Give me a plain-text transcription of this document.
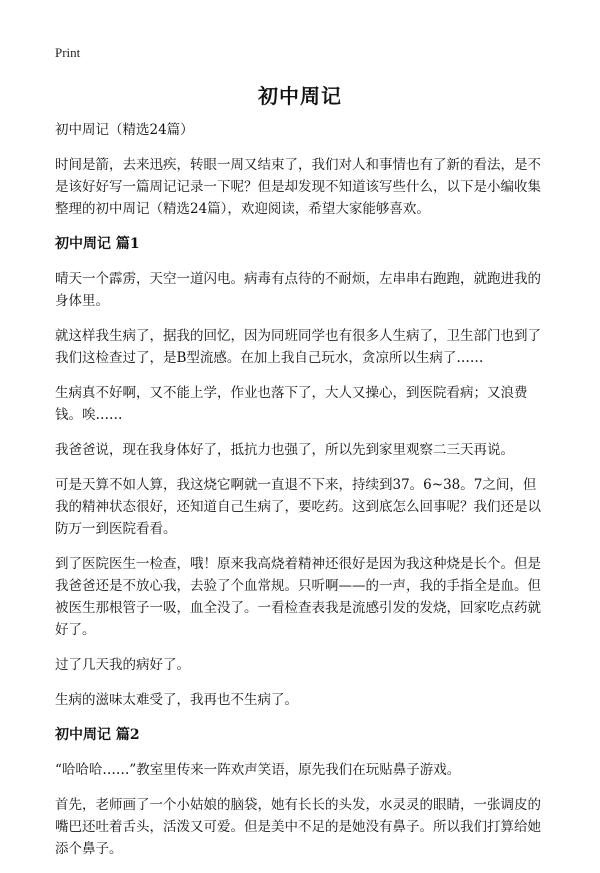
Print
初中周记
初中周记（精选24篇）

时间是箭，去来迅疾，转眼一周又结束了，我们对人和事情也有了新的看法，是不是该好好写一篇周记记录一下呢？但是却发现不知道该写些什么，以下是小编收集整理的初中周记（精选24篇），欢迎阅读，希望大家能够喜欢。

初中周记 篇1

晴天一个霹雳，天空一道闪电。病毒有点待的不耐烦，左串串右跑跑，就跑进我的身体里。

就这样我生病了，据我的回忆，因为同班同学也有很多人生病了，卫生部门也到了我们这检查过了，是B型流感。在加上我自己玩水，贪凉所以生病了……

生病真不好啊，又不能上学，作业也落下了，大人又操心，到医院看病；又浪费钱。唉……

我爸爸说，现在我身体好了，抵抗力也强了，所以先到家里观察二三天再说。

可是天算不如人算，我这烧它啊就一直退不下来，持续到37。6~38。7之间，但我的精神状态很好，还知道自己生病了，要吃药。这到底怎么回事呢？我们还是以防万一到医院看看。

到了医院医生一检查，哦！原来我高烧着精神还很好是因为我这种烧是长个。但是我爸爸还是不放心我，去验了个血常规。只听啊——的一声，我的手指全是血。但被医生那根管子一吸，血全没了。一看检查表我是流感引发的发烧，回家吃点药就好了。

过了几天我的病好了。

生病的滋味太难受了，我再也不生病了。

初中周记 篇2

“哈哈哈……”教室里传来一阵欢声笑语，原先我们在玩贴鼻子游戏。

首先，老师画了一个小姑娘的脑袋，她有长长的头发，水灵灵的眼睛，一张调皮的嘴巴还吐着舌头，活泼又可爱。但是美中不足的是她没有鼻子。所以我们打算给她添个鼻子。
